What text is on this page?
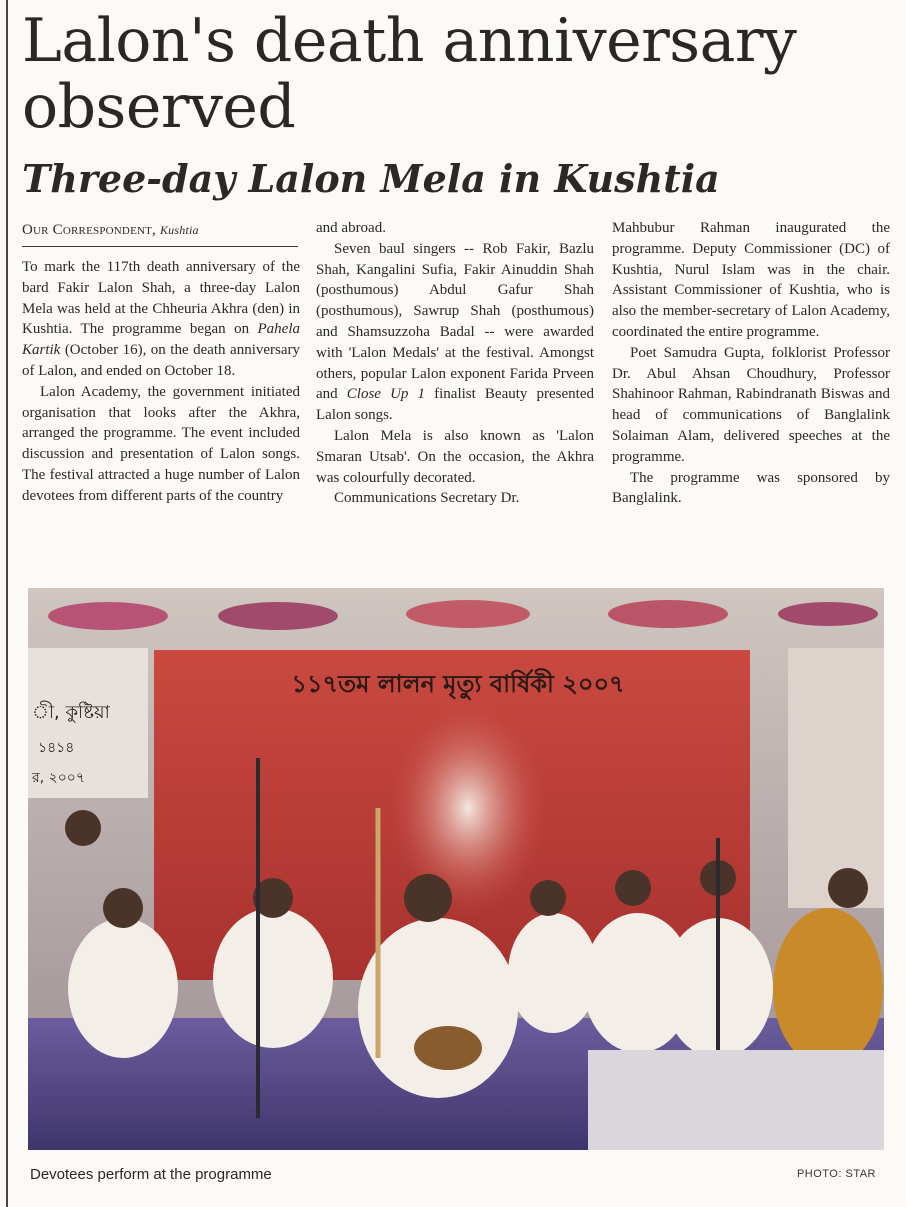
Lalon's death anniversary observed
Three-day Lalon Mela in Kushtia
Our Correspondent, Kushtia

To mark the 117th death anniversary of the bard Fakir Lalon Shah, a three-day Lalon Mela was held at the Chheuria Akhra (den) in Kushtia. The programme began on Pahela Kartik (October 16), on the death anniversary of Lalon, and ended on October 18.

Lalon Academy, the government initiated organisation that looks after the Akhra, arranged the programme. The event included discussion and presentation of Lalon songs. The festival attracted a huge number of Lalon devotees from different parts of the country

and abroad.

Seven baul singers -- Rob Fakir, Bazlu Shah, Kangalini Sufia, Fakir Ainuddin Shah (posthumous) Abdul Gafur Shah (posthumous), Sawrup Shah (posthumous) and Shamsuzzoha Badal -- were awarded with 'Lalon Medals' at the festival. Amongst others, popular Lalon exponent Farida Prveen and Close Up 1 finalist Beauty presented Lalon songs.

Lalon Mela is also known as 'Lalon Smaran Utsab'. On the occasion, the Akhra was colourfully decorated.

Communications Secretary Dr.

Mahbubur Rahman inaugurated the programme. Deputy Commissioner (DC) of Kushtia, Nurul Islam was in the chair. Assistant Commissioner of Kushtia, who is also the member-secretary of Lalon Academy, coordinated the entire programme.

Poet Samudra Gupta, folklorist Professor Dr. Abul Ahsan Choudhury, Professor Shahinoor Rahman, Rabindranath Biswas and head of communications of Banglalink Solaiman Alam, delivered speeches at the programme.

The programme was sponsored by Banglalink.

১১৭তম লালন মৃত্যু বার্ষিকী ২০০৭
ী, কুষ্টিয়া
১৪১৪
র, ২০০৭
Devotees perform at the programme	PHOTO: STAR
